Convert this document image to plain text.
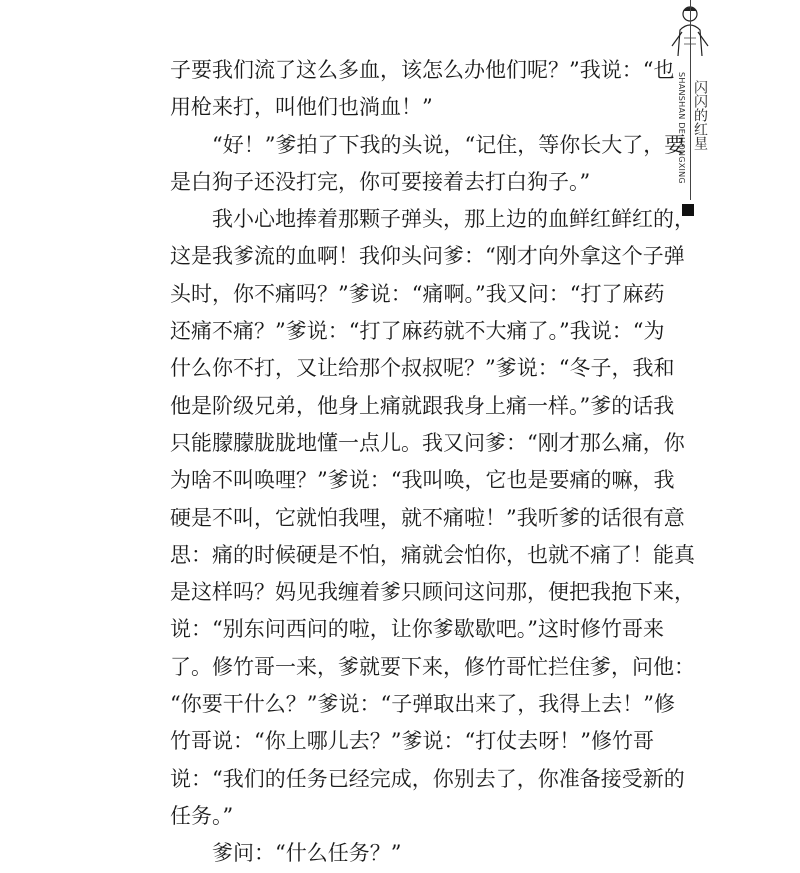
SHANSHAN DE HONGXING 闪闪的红星
子要我们流了这么多血，该怎么办他们呢？”我说：“也
用枪来打，叫他们也淌血！”
“好！”爹拍了下我的头说，“记住，等你长大了，要
是白狗子还没打完，你可要接着去打白狗子。”
我小心地捧着那颗子弹头，那上边的血鲜红鲜红的，
这是我爹流的血啊！我仰头问爹：“刚才向外拿这个子弹
头时，你不痛吗？”爹说：“痛啊。”我又问：“打了麻药
还痛不痛？”爹说：“打了麻药就不大痛了。”我说：“为
什么你不打，又让给那个叔叔呢？”爹说：“冬子，我和
他是阶级兄弟，他身上痛就跟我身上痛一样。”爹的话我
只能朦朦胧胧地懂一点儿。我又问爹：“刚才那么痛，你
为啥不叫唤哩？”爹说：“我叫唤，它也是要痛的嘛，我
硬是不叫，它就怕我哩，就不痛啦！”我听爹的话很有意
思：痛的时候硬是不怕，痛就会怕你，也就不痛了！能真
是这样吗？妈见我缠着爹只顾问这问那，便把我抱下来，
说：“别东问西问的啦，让你爹歇歇吧。”这时修竹哥来
了。修竹哥一来，爹就要下来，修竹哥忙拦住爹，问他：
“你要干什么？”爹说：“子弹取出来了，我得上去！”修
竹哥说：“你上哪儿去？”爹说：“打仗去呀！”修竹哥
说：“我们的任务已经完成，你别去了，你准备接受新的
任务。”
爹问：“什么任务？”
